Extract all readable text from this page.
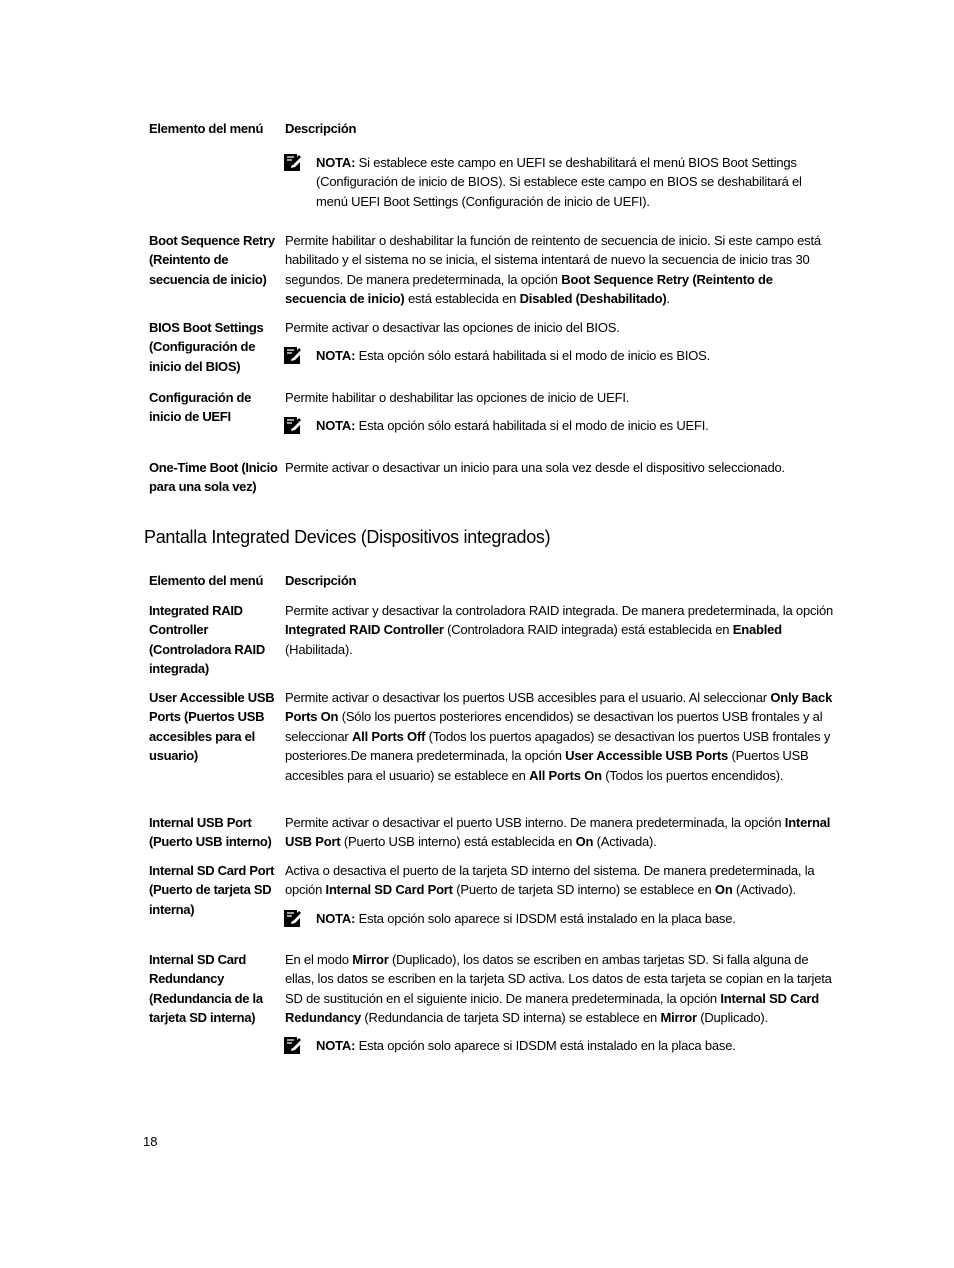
Elemento del menú Descripción
NOTA: Si establece este campo en UEFI se deshabilitará el menú BIOS Boot Settings (Configuración de inicio de BIOS). Si establece este campo en BIOS se deshabilitará el menú UEFI Boot Settings (Configuración de inicio de UEFI).
Boot Sequence Retry (Reintento de secuencia de inicio)
Permite habilitar o deshabilitar la función de reintento de secuencia de inicio. Si este campo está habilitado y el sistema no se inicia, el sistema intentará de nuevo la secuencia de inicio tras 30 segundos. De manera predeterminada, la opción Boot Sequence Retry (Reintento de secuencia de inicio) está establecida en Disabled (Deshabilitado).
BIOS Boot Settings (Configuración de inicio del BIOS)
Permite activar o desactivar las opciones de inicio del BIOS.
NOTA: Esta opción sólo estará habilitada si el modo de inicio es BIOS.
Configuración de inicio de UEFI
Permite habilitar o deshabilitar las opciones de inicio de UEFI.
NOTA: Esta opción sólo estará habilitada si el modo de inicio es UEFI.
One-Time Boot (Inicio para una sola vez)
Permite activar o desactivar un inicio para una sola vez desde el dispositivo seleccionado.
Pantalla Integrated Devices (Dispositivos integrados)
Elemento del menú Descripción
Integrated RAID Controller (Controladora RAID integrada)
Permite activar y desactivar la controladora RAID integrada. De manera predeterminada, la opción Integrated RAID Controller (Controladora RAID integrada) está establecida en Enabled (Habilitada).
User Accessible USB Ports (Puertos USB accesibles para el usuario)
Permite activar o desactivar los puertos USB accesibles para el usuario. Al seleccionar Only Back Ports On (Sólo los puertos posteriores encendidos) se desactivan los puertos USB frontales y al seleccionar All Ports Off (Todos los puertos apagados) se desactivan los puertos USB frontales y posteriores.De manera predeterminada, la opción User Accessible USB Ports (Puertos USB accesibles para el usuario) se establece en All Ports On (Todos los puertos encendidos).
Internal USB Port (Puerto USB interno)
Permite activar o desactivar el puerto USB interno. De manera predeterminada, la opción Internal USB Port (Puerto USB interno) está establecida en On (Activada).
Internal SD Card Port (Puerto de tarjeta SD interna)
Activa o desactiva el puerto de la tarjeta SD interno del sistema. De manera predeterminada, la opción Internal SD Card Port (Puerto de tarjeta SD interno) se establece en On (Activado).
NOTA: Esta opción solo aparece si IDSDM está instalado en la placa base.
Internal SD Card Redundancy (Redundancia de la tarjeta SD interna)
En el modo Mirror (Duplicado), los datos se escriben en ambas tarjetas SD. Si falla alguna de ellas, los datos se escriben en la tarjeta SD activa. Los datos de esta tarjeta se copian en la tarjeta SD de sustitución en el siguiente inicio. De manera predeterminada, la opción Internal SD Card Redundancy (Redundancia de tarjeta SD interna) se establece en Mirror (Duplicado).
NOTA: Esta opción solo aparece si IDSDM está instalado en la placa base.
18
